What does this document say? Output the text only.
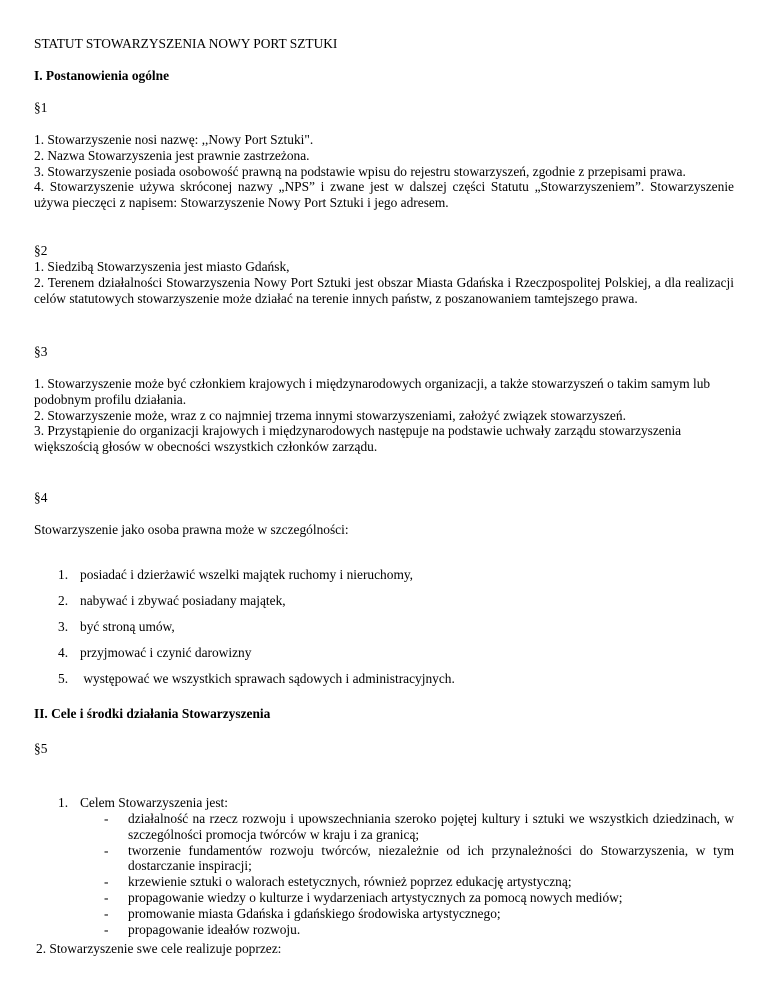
STATUT STOWARZYSZENIA NOWY PORT SZTUKI

I. Postanowienia ogólne

§1

1. Stowarzyszenie nosi nazwę: ,,Nowy Port Sztuki".

2. Nazwa Stowarzyszenia jest prawnie zastrzeżona.

3. Stowarzyszenie posiada osobowość prawną na podstawie wpisu do rejestru stowarzyszeń, zgodnie z przepisami prawa.

4. Stowarzyszenie używa skróconej nazwy „NPS” i zwane jest w dalszej części Statutu „Stowarzyszeniem”. Stowarzyszenie używa pieczęci z napisem: Stowarzyszenie Nowy Port Sztuki i jego adresem.

§2

1. Siedzibą Stowarzyszenia jest miasto Gdańsk,

2. Terenem działalności Stowarzyszenia Nowy Port Sztuki jest obszar Miasta Gdańska i Rzeczpospolitej Polskiej, a dla realizacji celów statutowych stowarzyszenie może działać na terenie innych państw, z poszanowaniem tamtejszego prawa.

§3

1. Stowarzyszenie może być członkiem krajowych i międzynarodowych organizacji, a także stowarzyszeń o takim samym lub podobnym profilu działania.

2. Stowarzyszenie może, wraz z co najmniej trzema innymi stowarzyszeniami, założyć związek stowarzyszeń.

3. Przystąpienie do organizacji krajowych i międzynarodowych następuje na podstawie uchwały zarządu stowarzyszenia większością głosów w obecności wszystkich członków zarządu.

§4

Stowarzyszenie jako osoba prawna może w szczególności:

1. posiadać i dzierżawić wszelki majątek ruchomy i nieruchomy,
2. nabywać i zbywać posiadany majątek,
3. być stroną umów,
4. przyjmować i czynić darowizny
5. występować we wszystkich sprawach sądowych i administracyjnych.

II. Cele i środki działania Stowarzyszenia

§5

1. Celem Stowarzyszenia jest:
- działalność na rzecz rozwoju i upowszechniania szeroko pojętej kultury i sztuki we wszystkich dziedzinach, w szczególności promocja twórców w kraju i za granicą;
- tworzenie fundamentów rozwoju twórców, niezależnie od ich przynależności do Stowarzyszenia, w tym dostarczanie inspiracji;
- krzewienie sztuki o walorach estetycznych, również poprzez edukację artystyczną;
- propagowanie wiedzy o kulturze i wydarzeniach artystycznych za pomocą nowych mediów;
- promowanie miasta Gdańska i gdańskiego środowiska artystycznego;
- propagowanie ideałów rozwoju.

2. Stowarzyszenie swe cele realizuje poprzez:
